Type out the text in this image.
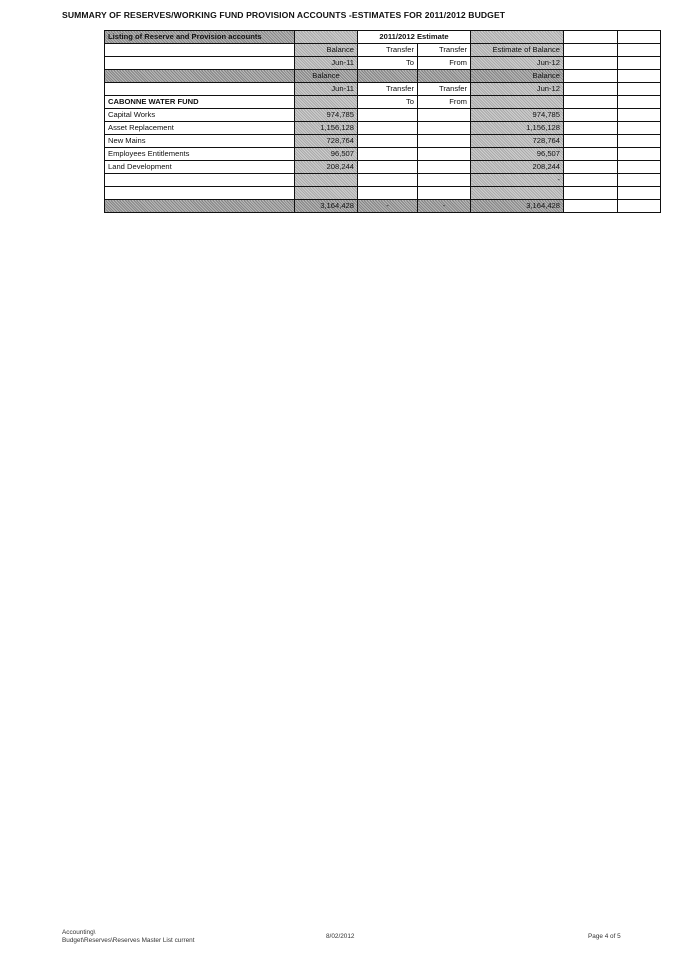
SUMMARY OF RESERVES/WORKING FUND PROVISION ACCOUNTS -ESTIMATES FOR 2011/2012 BUDGET
Listing of Reserve and Provision accounts		2011/2012 Estimate				
	Balance	Transfer	Transfer	Estimate of Balance		
	Jun-11	To	From	Jun-12		
	Balance			Balance		
	Jun-11	Transfer	Transfer	Jun-12		
CABONNE WATER FUND		To	From			
Capital Works	974,785			974,785		
Asset Replacement	1,156,128			1,156,128		
New Mains	728,764			728,764		
Employees Entitlements	96,507			96,507		
Land Development	208,244			208,244		
				-		

	3,164,428	-	-	3,164,428		
Accounting\
Budget\Reserves\Reserves Master List current
8/02/2012	Page 4 of 5
